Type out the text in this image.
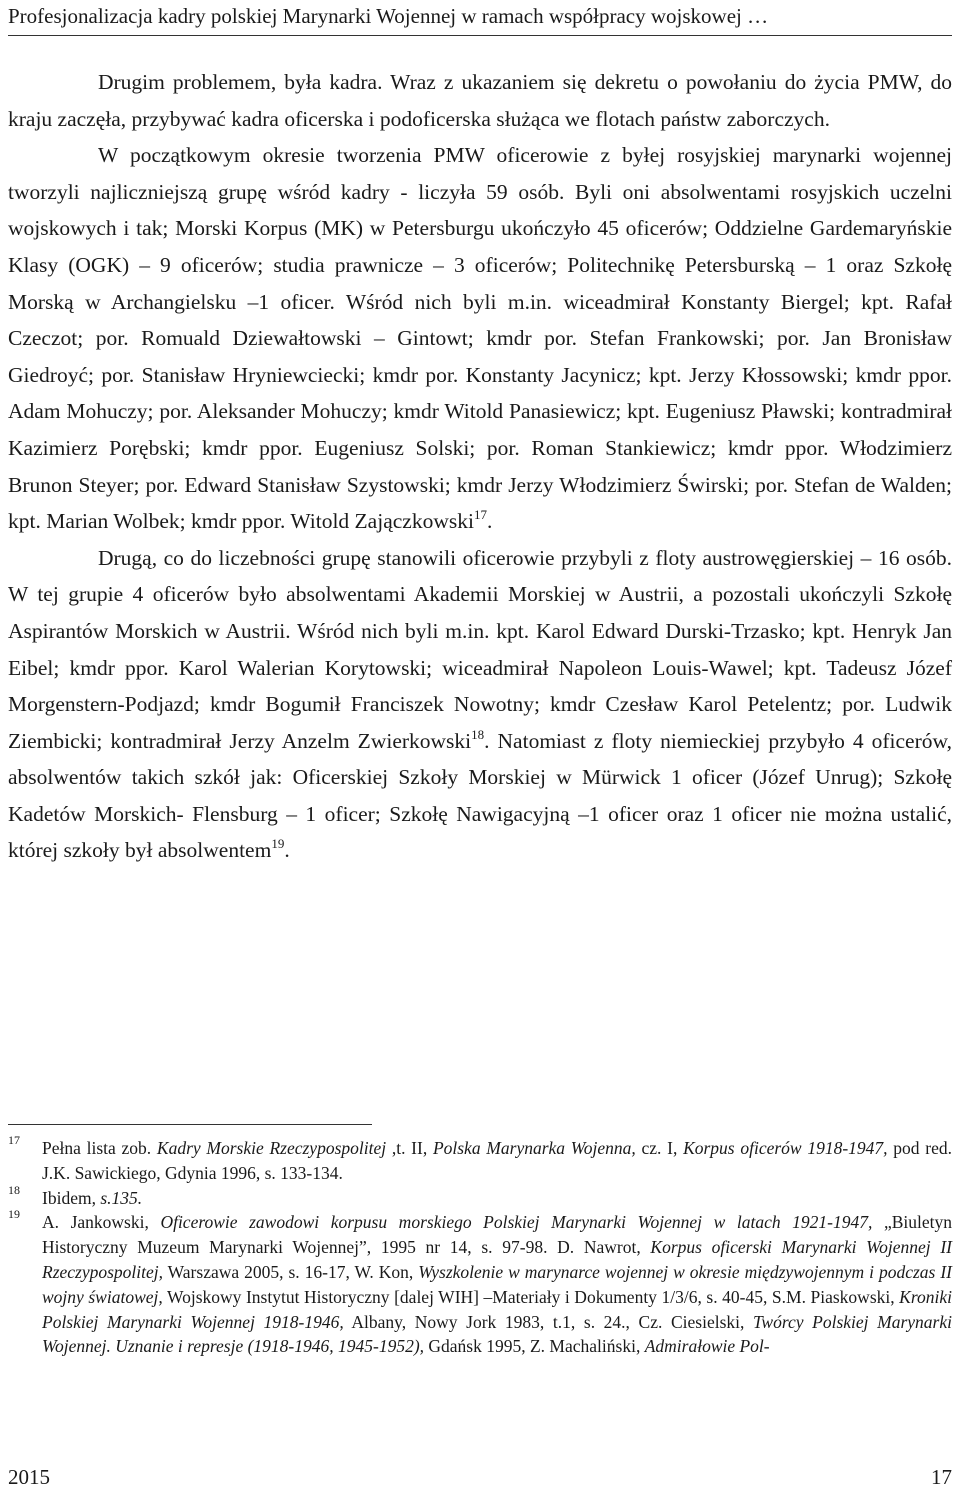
Profesjonalizacja kadry polskiej Marynarki Wojennej w ramach współpracy wojskowej …

Drugim problemem, była kadra. Wraz z ukazaniem się dekretu o powołaniu do życia PMW, do kraju zaczęła, przybywać kadra oficerska i podoficerska służąca we flotach państw zaborczych.

W początkowym okresie tworzenia PMW oficerowie z byłej rosyjskiej marynarki wojennej tworzyli najliczniejszą grupę wśród kadry - liczyła 59 osób. Byli oni absolwentami rosyjskich uczelni wojskowych i tak; Morski Korpus (MK) w Petersburgu ukończyło 45 oficerów; Oddzielne Gardemaryńskie Klasy (OGK) – 9 oficerów; studia prawnicze – 3 oficerów; Politechnikę Petersburską – 1 oraz Szkołę Morską w Archangielsku –1 oficer. Wśród nich byli m.in. wiceadmirał Konstanty Biergel; kpt. Rafał Czeczot; por. Romuald Dziewałtowski – Gintowt; kmdr por. Stefan Frankowski; por. Jan Bronisław Giedroyć; por. Stanisław Hryniewciecki; kmdr por. Konstanty Jacynicz; kpt. Jerzy Kłossowski; kmdr ppor. Adam Mohuczy; por. Aleksander Mohuczy; kmdr Witold Panasiewicz; kpt. Eugeniusz Pławski; kontradmirał Kazimierz Porębski; kmdr ppor. Eugeniusz Solski; por. Roman Stankiewicz; kmdr ppor. Włodzimierz Brunon Steyer; por. Edward Stanisław Szystowski; kmdr Jerzy Włodzimierz Świrski; por. Stefan de Walden; kpt. Marian Wolbek; kmdr ppor. Witold Zajączkowski$^{17}$.

Drugą, co do liczebności grupę stanowili oficerowie przybyli z floty austrowęgierskiej – 16 osób. W tej grupie 4 oficerów było absolwentami Akademii Morskiej w Austrii, a pozostali ukończyli Szkołę Aspirantów Morskich w Austrii. Wśród nich byli m.in. kpt. Karol Edward Durski-Trzasko; kpt. Henryk Jan Eibel; kmdr ppor. Karol Walerian Korytowski; wiceadmirał Napoleon Louis-Wawel; kpt. Tadeusz Józef Morgenstern-Podjazd; kmdr Bogumił Franciszek Nowotny; kmdr Czesław Karol Petelentz; por. Ludwik Ziembicki; kontradmirał Jerzy Anzelm Zwierkowski$^{18}$. Natomiast z floty niemieckiej przybyło 4 oficerów, absolwentów takich szkół jak: Oficerskiej Szkoły Morskiej w Mürwick 1 oficer (Józef Unrug); Szkołę Kadetów Morskich- Flensburg – 1 oficer; Szkołę Nawigacyjną –1 oficer oraz 1 oficer nie można ustalić, której szkoły był absolwentem$^{19}$.

17 Pełna lista zob. Kadry Morskie Rzeczypospolitej ,t. II, Polska Marynarka Wojenna, cz. I, Korpus oficerów 1918-1947, pod red. J.K. Sawickiego, Gdynia 1996, s. 133-134.
18 Ibidem, s.135.
19 A. Jankowski, Oficerowie zawodowi korpusu morskiego Polskiej Marynarki Wojennej w latach 1921-1947, „Biuletyn Historyczny Muzeum Marynarki Wojennej”, 1995 nr 14, s. 97-98. D. Nawrot, Korpus oficerski Marynarki Wojennej II Rzeczypospolitej, Warszawa 2005, s. 16-17, W. Kon, Wyszkolenie w marynarce wojennej w okresie międzywojennym i podczas II wojny światowej, Wojskowy Instytut Historyczny [dalej WIH] –Materiały i Dokumenty 1/3/6, s. 40-45, S.M. Piaskowski, Kroniki Polskiej Marynarki Wojennej 1918-1946, Albany, Nowy Jork 1983, t.1, s. 24., Cz. Ciesielski, Twórcy Polskiej Marynarki Wojennej. Uznanie i represje (1918-1946, 1945-1952), Gdańsk 1995, Z. Machaliński, Admirałowie Pol-
2015	17
